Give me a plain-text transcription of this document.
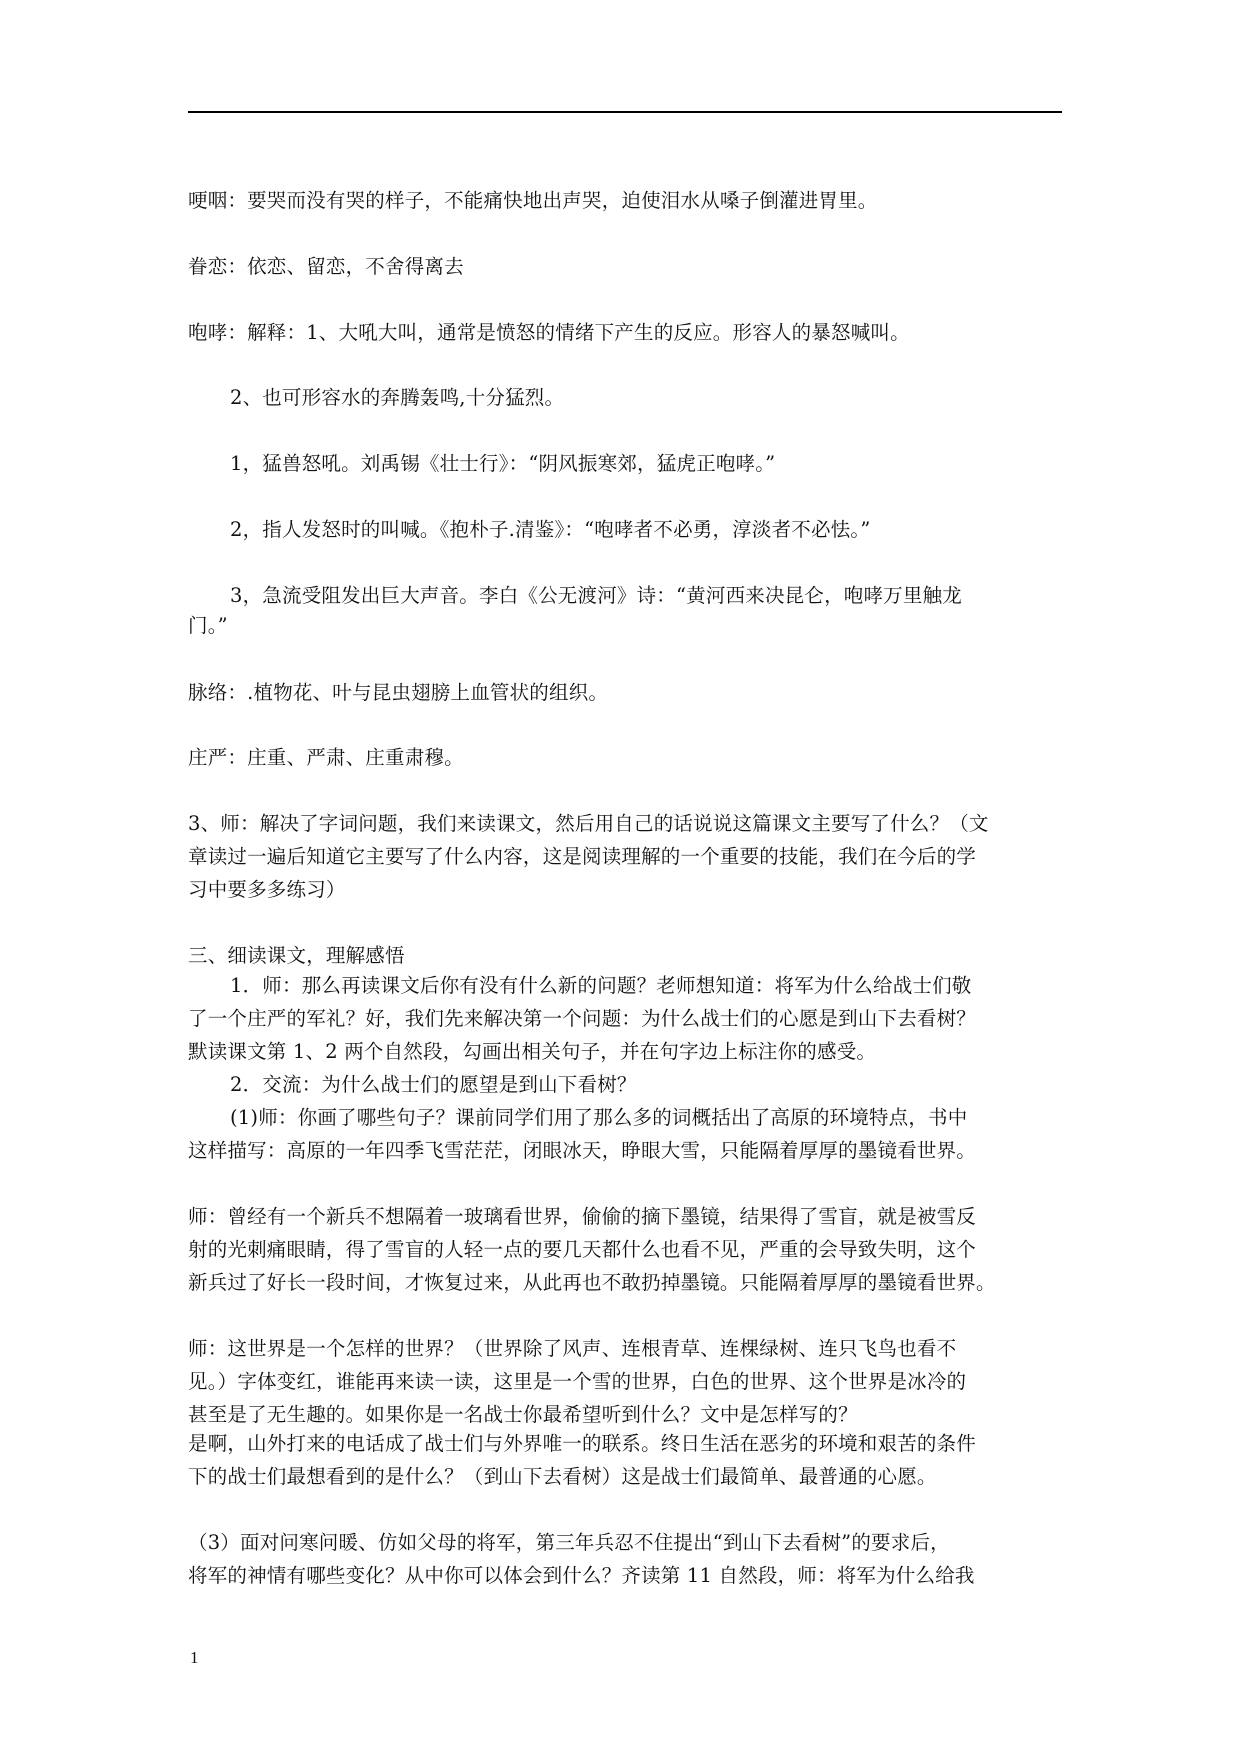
哽咽：要哭而没有哭的样子，不能痛快地出声哭，迫使泪水从嗓子倒灌进胃里。
眷恋：依恋、留恋，不舍得离去
咆哮：解释：1、大吼大叫，通常是愤怒的情绪下产生的反应。形容人的暴怒喊叫。
2、也可形容水的奔腾轰鸣,十分猛烈。
1，猛兽怒吼。刘禹锡《壮士行》：“阴风振寒郊，猛虎正咆哮。”
2，指人发怒时的叫喊。《抱朴子.清鉴》：“咆哮者不必勇，淳淡者不必怯。”
3，急流受阻发出巨大声音。李白《公无渡河》诗：“黄河西来决昆仑，咆哮万里触龙
门。”
脉络：.植物花、叶与昆虫翅膀上血管状的组织。
庄严：庄重、严肃、庄重肃穆。
3、师：解决了字词问题，我们来读课文，然后用自己的话说说这篇课文主要写了什么？（文
章读过一遍后知道它主要写了什么内容，这是阅读理解的一个重要的技能，我们在今后的学
习中要多多练习）
三、细读课文，理解感悟
1．师：那么再读课文后你有没有什么新的问题？老师想知道：将军为什么给战士们敬
了一个庄严的军礼？好，我们先来解决第一个问题：为什么战士们的心愿是到山下去看树？
默读课文第 1、2 两个自然段，勾画出相关句子，并在句字边上标注你的感受。
2．交流：为什么战士们的愿望是到山下看树？
(1)师：你画了哪些句子？课前同学们用了那么多的词概括出了高原的环境特点，书中
这样描写：高原的一年四季飞雪茫茫，闭眼冰天，睁眼大雪，只能隔着厚厚的墨镜看世界。
师：曾经有一个新兵不想隔着一玻璃看世界，偷偷的摘下墨镜，结果得了雪盲，就是被雪反
射的光刺痛眼睛，得了雪盲的人轻一点的要几天都什么也看不见，严重的会导致失明，这个
新兵过了好长一段时间，才恢复过来，从此再也不敢扔掉墨镜。只能隔着厚厚的墨镜看世界。
师：这世界是一个怎样的世界？（世界除了风声、连根青草、连棵绿树、连只飞鸟也看不
见。）字体变红，谁能再来读一读，这里是一个雪的世界，白色的世界、这个世界是冰冷的
甚至是了无生趣的。如果你是一名战士你最希望听到什么？文中是怎样写的？
是啊，山外打来的电话成了战士们与外界唯一的联系。终日生活在恶劣的环境和艰苦的条件
下的战士们最想看到的是什么？（到山下去看树）这是战士们最简单、最普通的心愿。
（3）面对问寒问暖、仿如父母的将军，第三年兵忍不住提出“到山下去看树”的要求后，
将军的神情有哪些变化？从中你可以体会到什么？齐读第 11 自然段，师：将军为什么给我
1
